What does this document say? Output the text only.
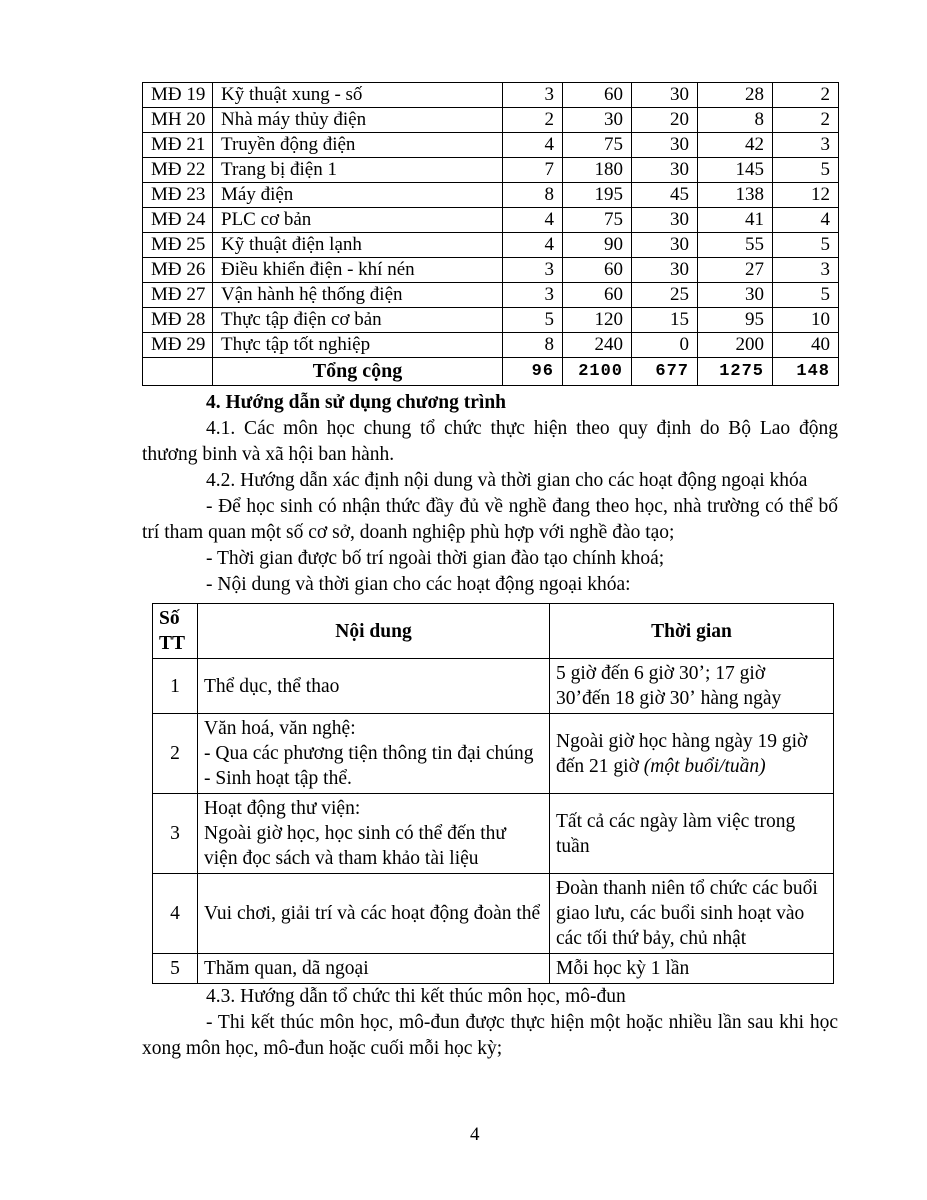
MĐ 19	Kỹ thuật xung - số	3	60	30	28	2
MH 20	Nhà máy thủy điện	2	30	20	8	2
MĐ 21	Truyền động điện	4	75	30	42	3
MĐ 22	Trang bị điện 1	7	180	30	145	5
MĐ 23	Máy điện	8	195	45	138	12
MĐ 24	PLC cơ bản	4	75	30	41	4
MĐ 25	Kỹ thuật điện lạnh	4	90	30	55	5
MĐ 26	Điều khiển điện - khí nén	3	60	30	27	3
MĐ 27	Vận hành hệ thống điện	3	60	25	30	5
MĐ 28	Thực tập điện cơ bản	5	120	15	95	10
MĐ 29	Thực tập tốt nghiệp	8	240	0	200	40
	Tổng cộng	96	2100	677	1275	148

4. Hướng dẫn sử dụng chương trình

4.1. Các môn học chung tổ chức thực hiện theo quy định do Bộ Lao động thương binh và xã hội ban hành.

4.2. Hướng dẫn xác định nội dung và thời gian cho các hoạt động ngoại khóa

- Để học sinh có nhận thức đầy đủ về nghề đang theo học, nhà trường có thể bố trí tham quan một số cơ sở, doanh nghiệp phù hợp với nghề đào tạo;

- Thời gian được bố trí ngoài thời gian đào tạo chính khoá;

- Nội dung và thời gian cho các hoạt động ngoại khóa:

Số
TT	Nội dung	Thời gian
1	Thể dục, thể thao	5 giờ đến 6 giờ 30ʼ; 17 giờ
30ʼđến 18 giờ 30ʼ hàng ngày

2	Văn hoá, văn nghệ:
- Qua các phương tiện thông tin đại chúng
- Sinh hoạt tập thể.	Ngoài giờ học hàng ngày 19 giờ đến 21 giờ (một buổi/tuần)
3	Hoạt động thư viện:
Ngoài giờ học, học sinh có thể đến thư viện đọc sách và tham khảo tài liệu	Tất cả các ngày làm việc trong tuần
4	Vui chơi, giải trí và các hoạt động đoàn thể	Đoàn thanh niên tổ chức các buổi giao lưu, các buổi sinh hoạt vào các tối thứ bảy, chủ nhật
5	Thăm quan, dã ngoại	Mỗi học kỳ 1 lần

4.3. Hướng dẫn tổ chức thi kết thúc môn học, mô-đun

- Thi kết thúc môn học, mô-đun được thực hiện một hoặc nhiều lần sau khi học xong môn học, mô-đun hoặc cuối mỗi học kỳ;

4
